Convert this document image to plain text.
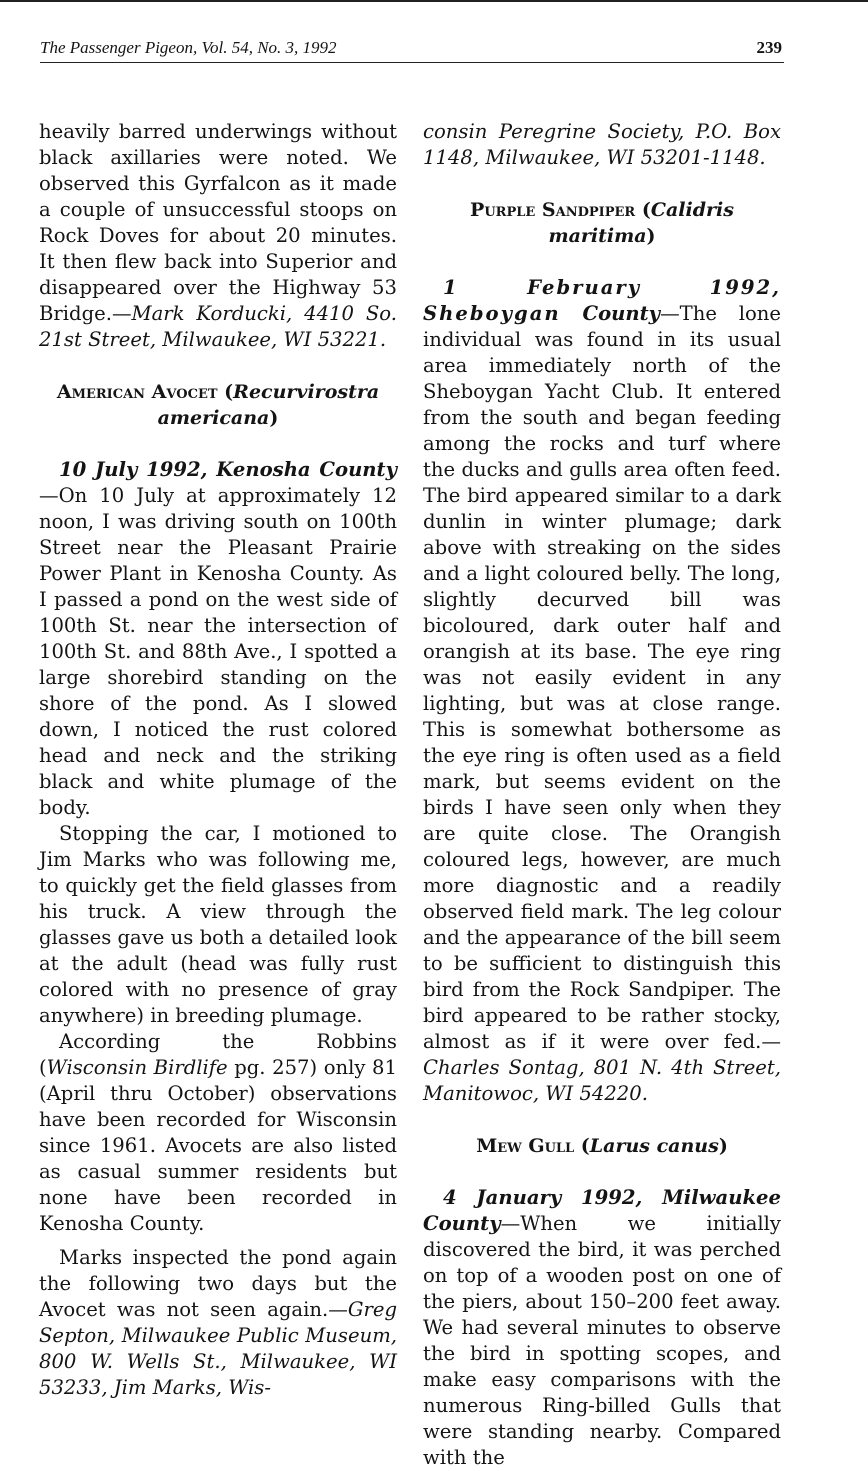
The Passenger Pigeon, Vol. 54, No. 3, 1992	239

heavily barred underwings without black axillaries were noted. We observed this Gyrfalcon as it made a couple of unsuccessful stoops on Rock Doves for about 20 minutes. It then flew back into Superior and disappeared over the Highway 53 Bridge.—Mark Korducki, 4410 So. 21st Street, Milwaukee, WI 53221.

American Avocet (Recurvirostra
americana)

10 July 1992, Kenosha County—On 10 July at approximately 12 noon, I was driving south on 100th Street near the Pleasant Prairie Power Plant in Kenosha County. As I passed a pond on the west side of 100th St. near the intersection of 100th St. and 88th Ave., I spotted a large shorebird standing on the shore of the pond. As I slowed down, I noticed the rust colored head and neck and the striking black and white plumage of the body.

Stopping the car, I motioned to Jim Marks who was following me, to quickly get the field glasses from his truck. A view through the glasses gave us both a detailed look at the adult (head was fully rust colored with no presence of gray anywhere) in breeding plumage.

According the Robbins (Wisconsin Birdlife pg. 257) only 81 (April thru October) observations have been recorded for Wisconsin since 1961. Avocets are also listed as casual summer residents but none have been recorded in Kenosha County.

Marks inspected the pond again the following two days but the Avocet was not seen again.—Greg Septon, Milwaukee Public Museum, 800 W. Wells St., Milwaukee, WI 53233, Jim Marks, Wis-

consin Peregrine Society, P.O. Box 1148, Milwaukee, WI 53201-1148.

Purple Sandpiper (Calidris
maritima)

1 February 1992, Sheboygan County—The lone individual was found in its usual area immediately north of the Sheboygan Yacht Club. It entered from the south and began feeding among the rocks and turf where the ducks and gulls area often feed. The bird appeared similar to a dark dunlin in winter plumage; dark above with streaking on the sides and a light coloured belly. The long, slightly decurved bill was bicoloured, dark outer half and orangish at its base. The eye ring was not easily evident in any lighting, but was at close range. This is somewhat bothersome as the eye ring is often used as a field mark, but seems evident on the birds I have seen only when they are quite close. The Orangish coloured legs, however, are much more diagnostic and a readily observed field mark. The leg colour and the appearance of the bill seem to be sufficient to distinguish this bird from the Rock Sandpiper. The bird appeared to be rather stocky, almost as if it were over fed.—Charles Sontag, 801 N. 4th Street, Manitowoc, WI 54220.

Mew Gull (Larus canus)

4 January 1992, Milwaukee County—When we initially discovered the bird, it was perched on top of a wooden post on one of the piers, about 150–200 feet away. We had several minutes to observe the bird in spotting scopes, and make easy comparisons with the numerous Ring-billed Gulls that were standing nearby. Compared with the
